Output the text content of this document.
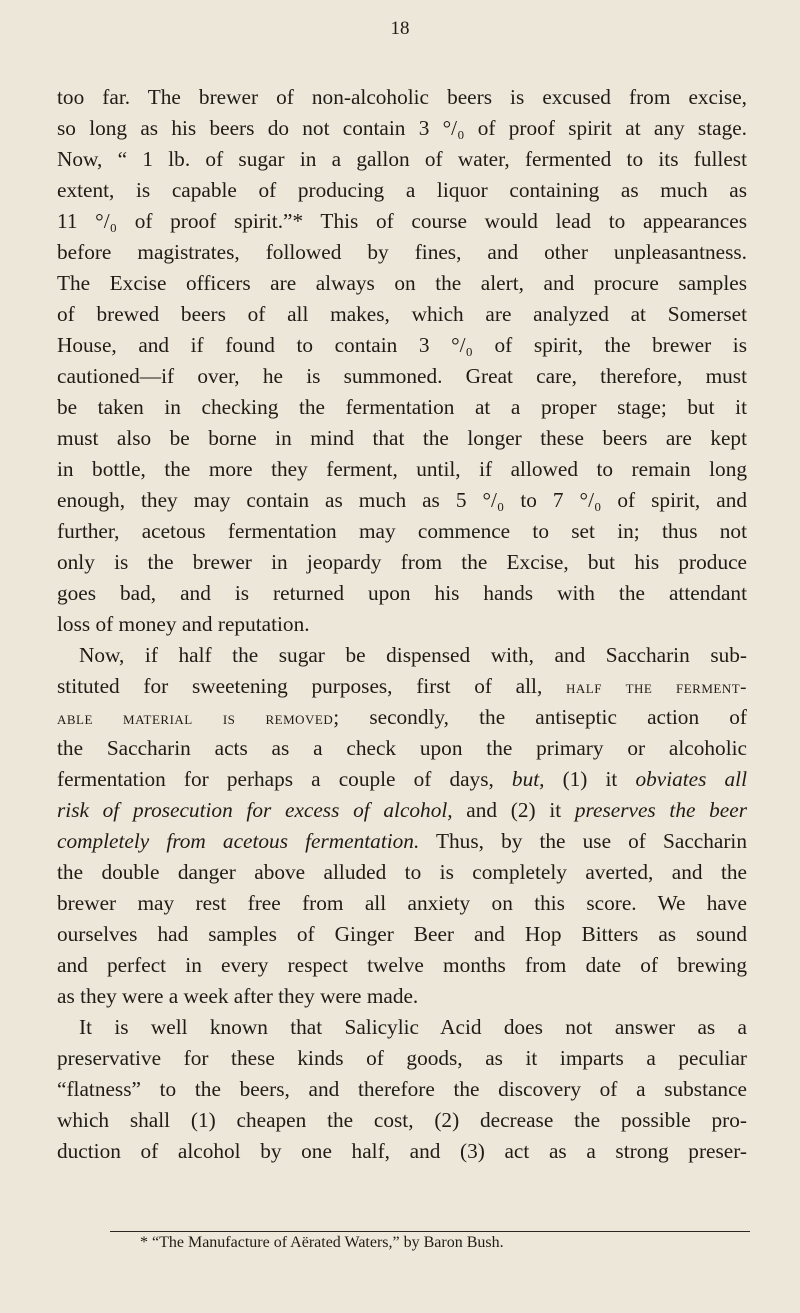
18
too far. The brewer of non-alcoholic beers is excused from excise,
so long as his beers do not contain 3 °/₀ of proof spirit at any stage.
Now, “ 1 lb. of sugar in a gallon of water, fermented to its fullest
extent, is capable of producing a liquor containing as much as
11 °/₀ of proof spirit.”* This of course would lead to appearances
before magistrates, followed by fines, and other unpleasantness.
The Excise officers are always on the alert, and procure samples
of brewed beers of all makes, which are analyzed at Somerset
House, and if found to contain 3 °/₀ of spirit, the brewer is
cautioned—if over, he is summoned. Great care, therefore, must
be taken in checking the fermentation at a proper stage; but it
must also be borne in mind that the longer these beers are kept
in bottle, the more they ferment, until, if allowed to remain long
enough, they may contain as much as 5 °/₀ to 7 °/₀ of spirit, and
further, acetous fermentation may commence to set in; thus not
only is the brewer in jeopardy from the Excise, but his produce
goes bad, and is returned upon his hands with the attendant
loss of money and reputation.
Now, if half the sugar be dispensed with, and Saccharin sub-
stituted for sweetening purposes, first of all, half the ferment-
able material is removed; secondly, the antiseptic action of
the Saccharin acts as a check upon the primary or alcoholic
fermentation for perhaps a couple of days, but, (1) it obviates all
risk of prosecution for excess of alcohol, and (2) it preserves the beer
completely from acetous fermentation. Thus, by the use of Saccharin
the double danger above alluded to is completely averted, and the
brewer may rest free from all anxiety on this score. We have
ourselves had samples of Ginger Beer and Hop Bitters as sound
and perfect in every respect twelve months from date of brewing
as they were a week after they were made.
It is well known that Salicylic Acid does not answer as a
preservative for these kinds of goods, as it imparts a peculiar
“flatness” to the beers, and therefore the discovery of a substance
which shall (1) cheapen the cost, (2) decrease the possible pro-
duction of alcohol by one half, and (3) act as a strong preser-
* “The Manufacture of Aërated Waters,” by Baron Bush.
